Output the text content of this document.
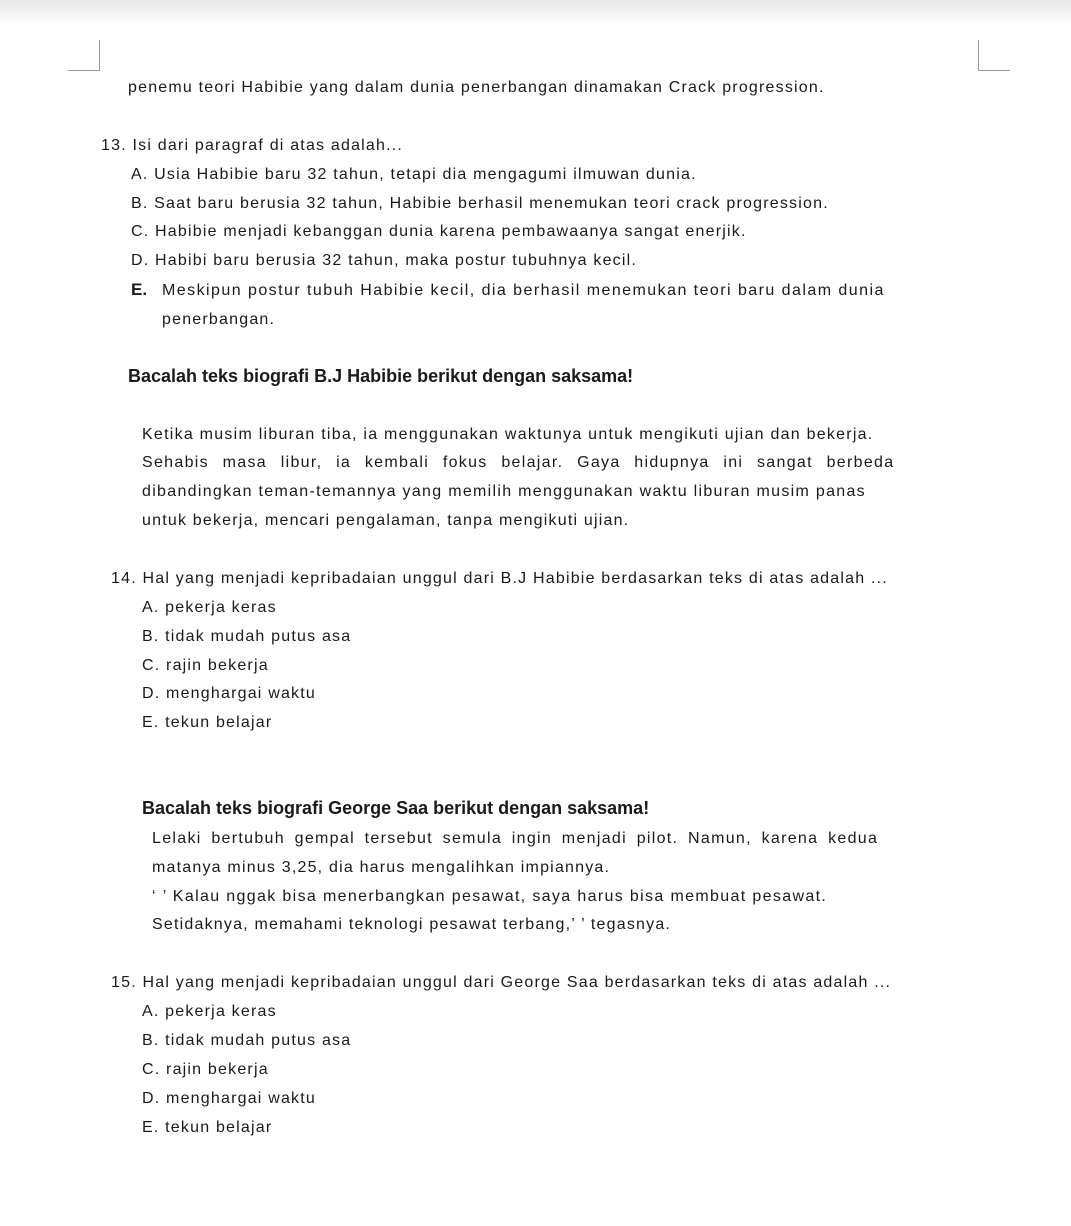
penemu teori Habibie yang dalam dunia penerbangan dinamakan Crack progression.
13. Isi dari paragraf di atas adalah...
A. Usia Habibie baru 32 tahun, tetapi dia mengagumi ilmuwan dunia.
B. Saat baru berusia 32 tahun, Habibie berhasil menemukan teori crack progression.
C. Habibie menjadi kebanggan dunia karena pembawaanya sangat enerjik.
D. Habibi baru berusia 32 tahun, maka postur tubuhnya kecil.
E. Meskipun postur tubuh Habibie kecil, dia berhasil menemukan teori baru dalam dunia
penerbangan.
Bacalah teks biografi B.J Habibie berikut dengan saksama!
Ketika musim liburan tiba, ia menggunakan waktunya untuk mengikuti ujian dan bekerja.
Sehabis masa libur, ia kembali fokus belajar. Gaya hidupnya ini sangat berbeda
dibandingkan teman-temannya yang memilih menggunakan waktu liburan musim panas
untuk bekerja, mencari pengalaman, tanpa mengikuti ujian.
14. Hal yang menjadi kepribadaian unggul dari B.J Habibie berdasarkan teks di atas adalah ...
A. pekerja keras
B. tidak mudah putus asa
C. rajin bekerja
D. menghargai waktu
E. tekun belajar
Bacalah teks biografi George Saa berikut dengan saksama!
Lelaki bertubuh gempal tersebut semula ingin menjadi pilot. Namun, karena kedua
matanya minus 3,25, dia harus mengalihkan impiannya.
‘ ’ Kalau nggak bisa menerbangkan pesawat, saya harus bisa membuat pesawat.
Setidaknya, memahami teknologi pesawat terbang,’ ’ tegasnya.
15. Hal yang menjadi kepribadaian unggul dari George Saa berdasarkan teks di atas adalah ...
A. pekerja keras
B. tidak mudah putus asa
C. rajin bekerja
D. menghargai waktu
E. tekun belajar
